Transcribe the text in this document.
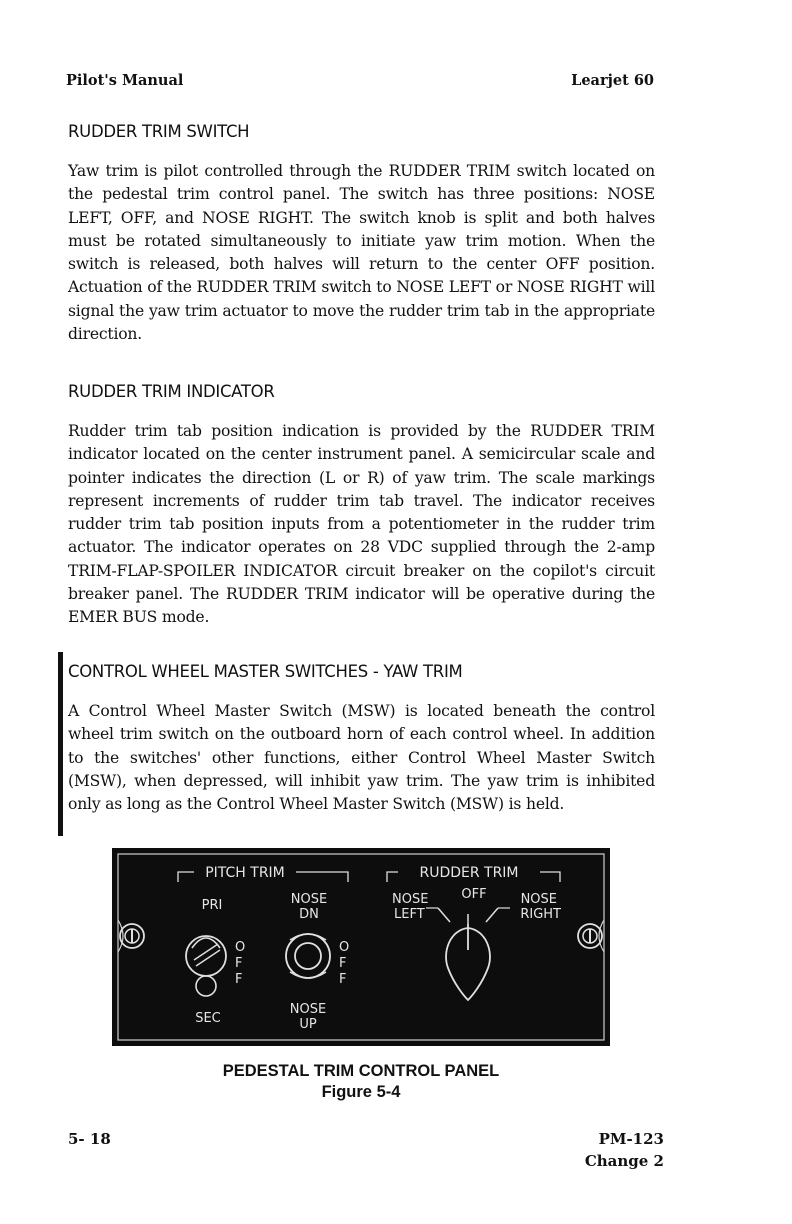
Pilot's Manual	Learjet 60
RUDDER TRIM SWITCH
Yaw trim is pilot controlled through the RUDDER TRIM switch located on the pedestal trim control panel. The switch has three positions: NOSE LEFT, OFF, and NOSE RIGHT. The switch knob is split and both halves must be rotated simultaneously to initiate yaw trim motion. When the switch is released, both halves will return to the center OFF position. Actuation of the RUDDER TRIM switch to NOSE LEFT or NOSE RIGHT will signal the yaw trim actuator to move the rudder trim tab in the appropriate direction.
RUDDER TRIM INDICATOR
Rudder trim tab position indication is provided by the RUDDER TRIM indicator located on the center instrument panel. A semicircular scale and pointer indicates the direction (L or R) of yaw trim. The scale markings represent increments of rudder trim tab travel. The indicator receives rudder trim tab position inputs from a potentiometer in the rudder trim actuator. The indicator operates on 28 VDC supplied through the 2-amp TRIM-FLAP-SPOILER INDICATOR circuit breaker on the copilot's circuit breaker panel. The RUDDER TRIM indicator will be operative during the EMER BUS mode.
CONTROL WHEEL MASTER SWITCHES - YAW TRIM
A Control Wheel Master Switch (MSW) is located beneath the control wheel trim switch on the outboard horn of each control wheel. In addition to the switches' other functions, either Control Wheel Master Switch (MSW), when depressed, will inhibit yaw trim. The yaw trim is inhibited only as long as the Control Wheel Master Switch (MSW) is held.
PITCH TRIM
PRI	NOSE
DN
O
F
F
SEC
O
F
F
NOSE
UP
RUDDER TRIM
NOSE
LEFT
OFF	NOSE
RIGHT
PEDESTAL TRIM CONTROL PANEL
Figure 5-4
5- 18	PM-123
Change 2
